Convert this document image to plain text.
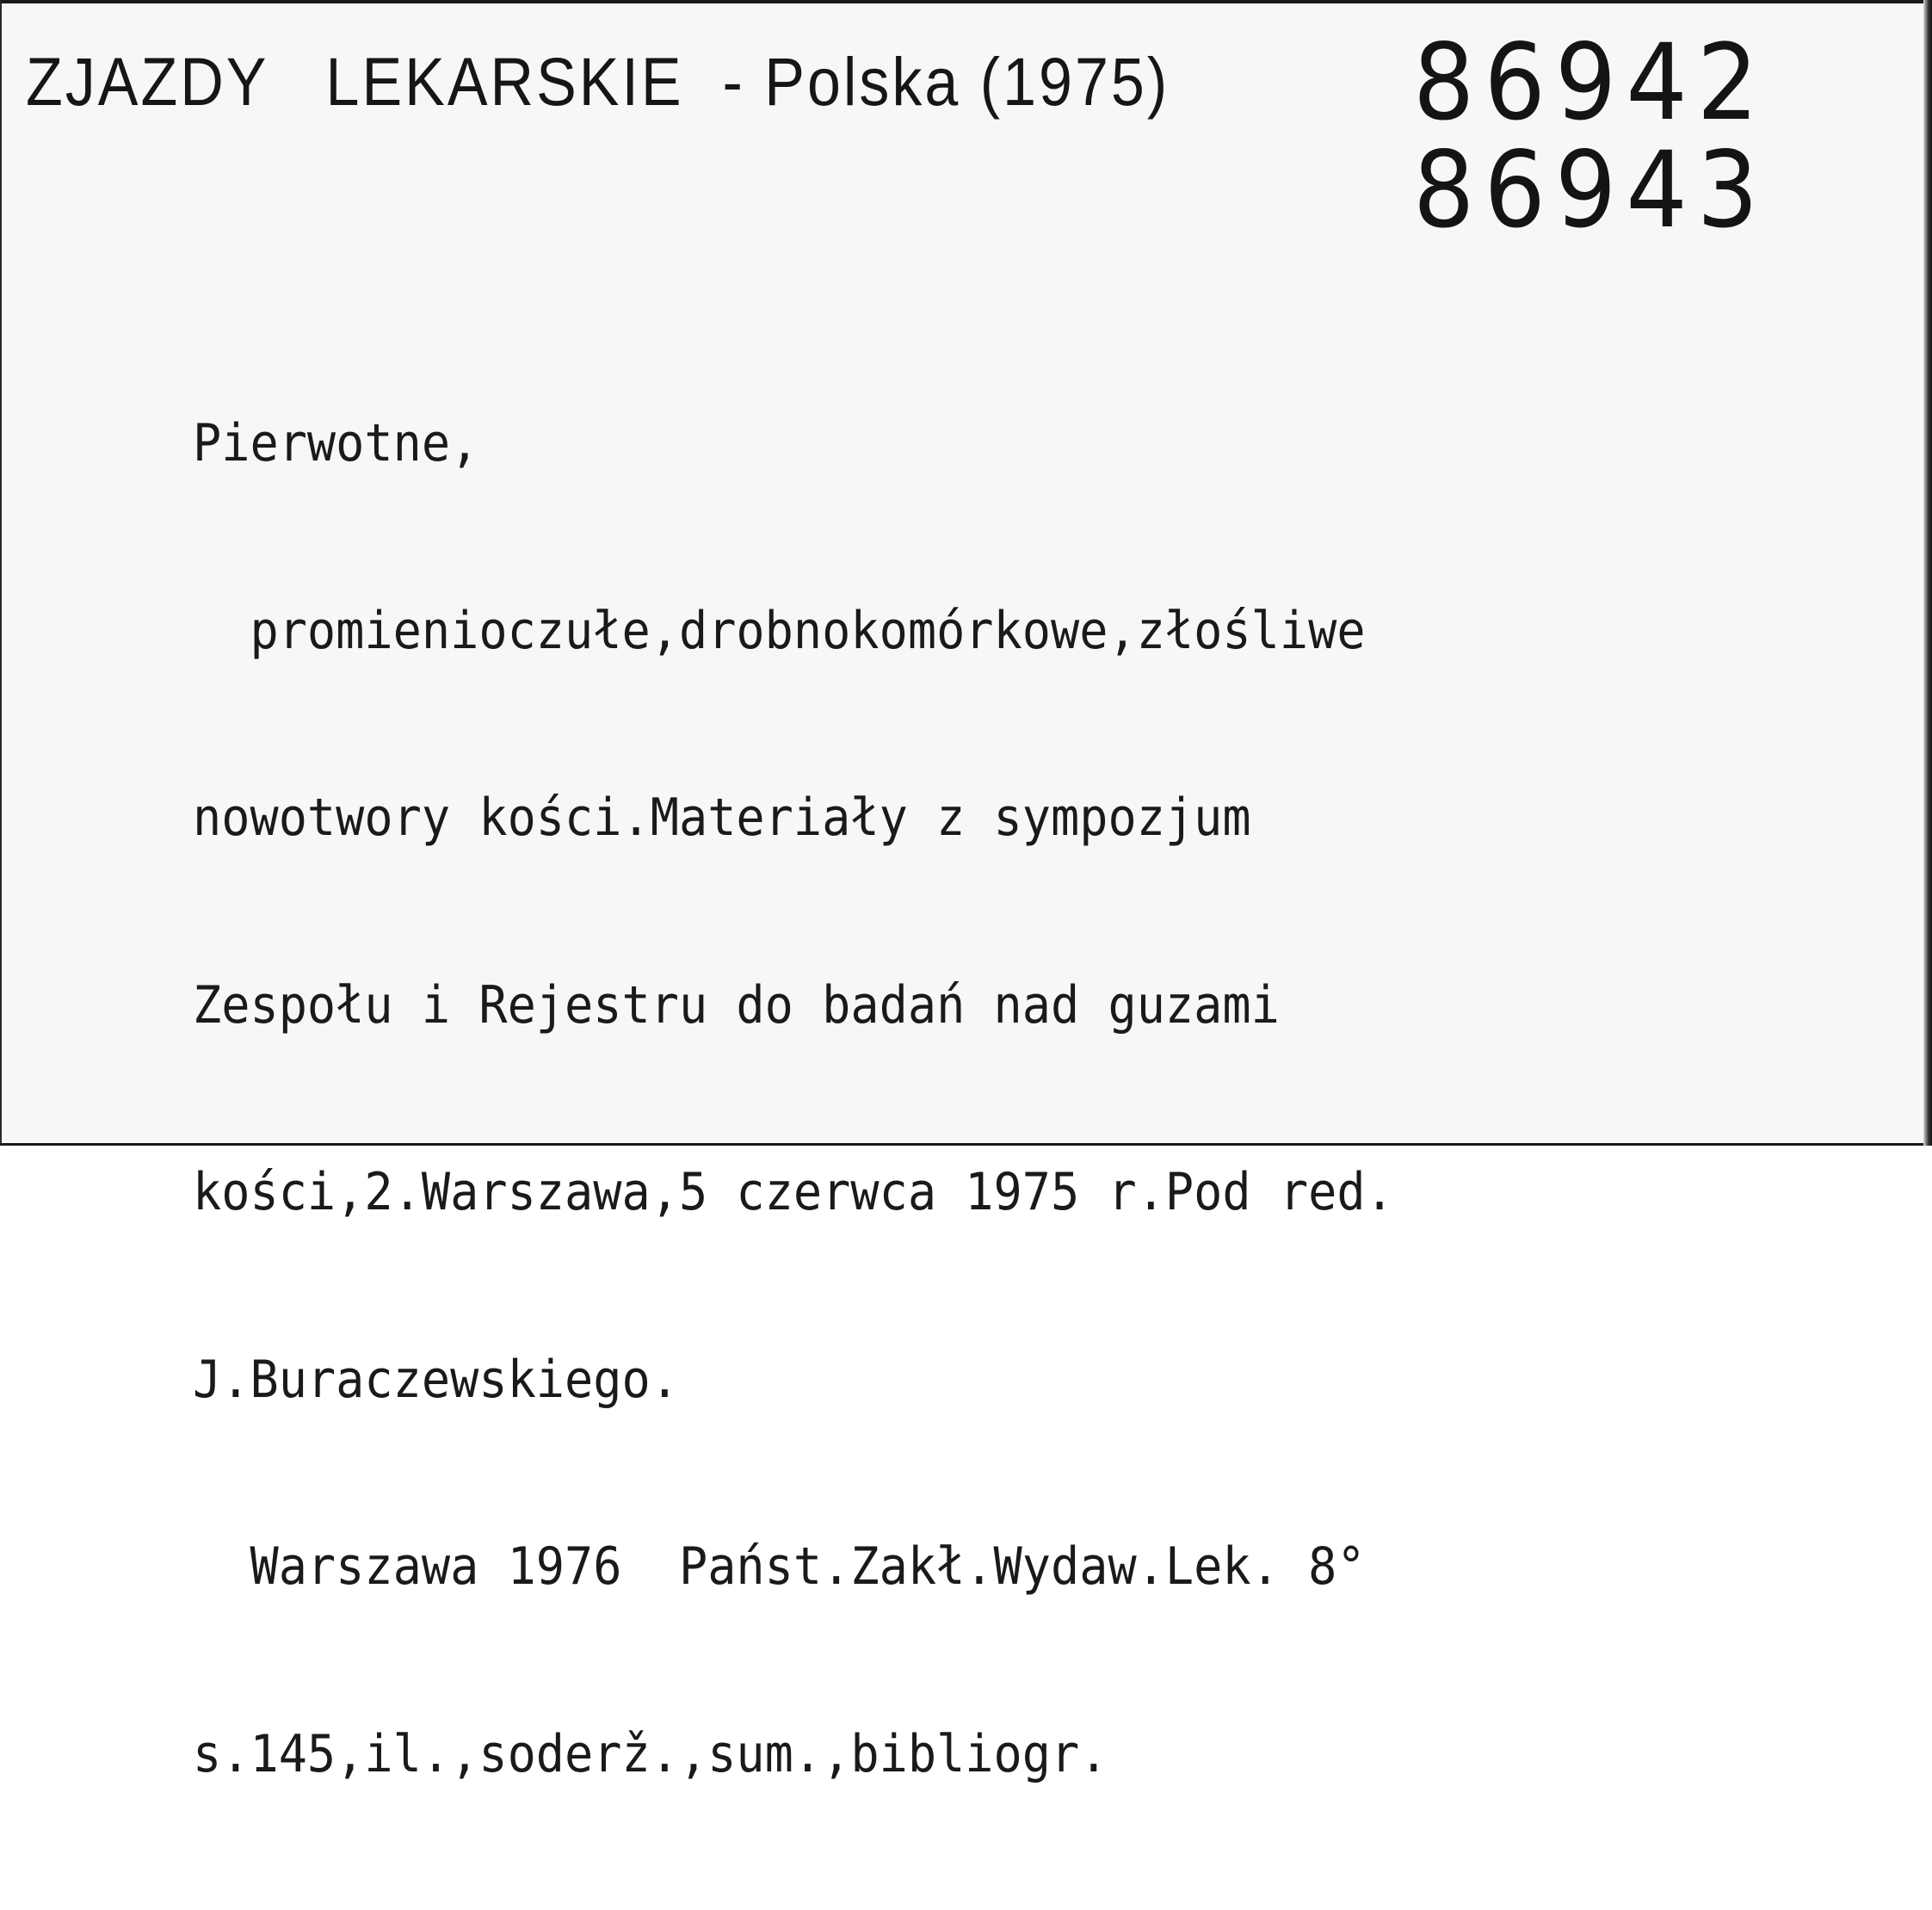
ZJAZDY   LEKARSKIE  - Polska (1975) 86942
86943

Pierwotne,

promienioczułe,drobnokomórkowe,złośliwe

nowotwory kości.Materiały z sympozjum

Zespołu i Rejestru do badań nad guzami

kości,2.Warszawa,5 czerwca 1975 r.Pod red.

J.Buraczewskiego.

Warszawa 1976  Państ.Zakł.Wydaw.Lek. 8°

s.145,il.,soderž.,sum.,bibliogr.
